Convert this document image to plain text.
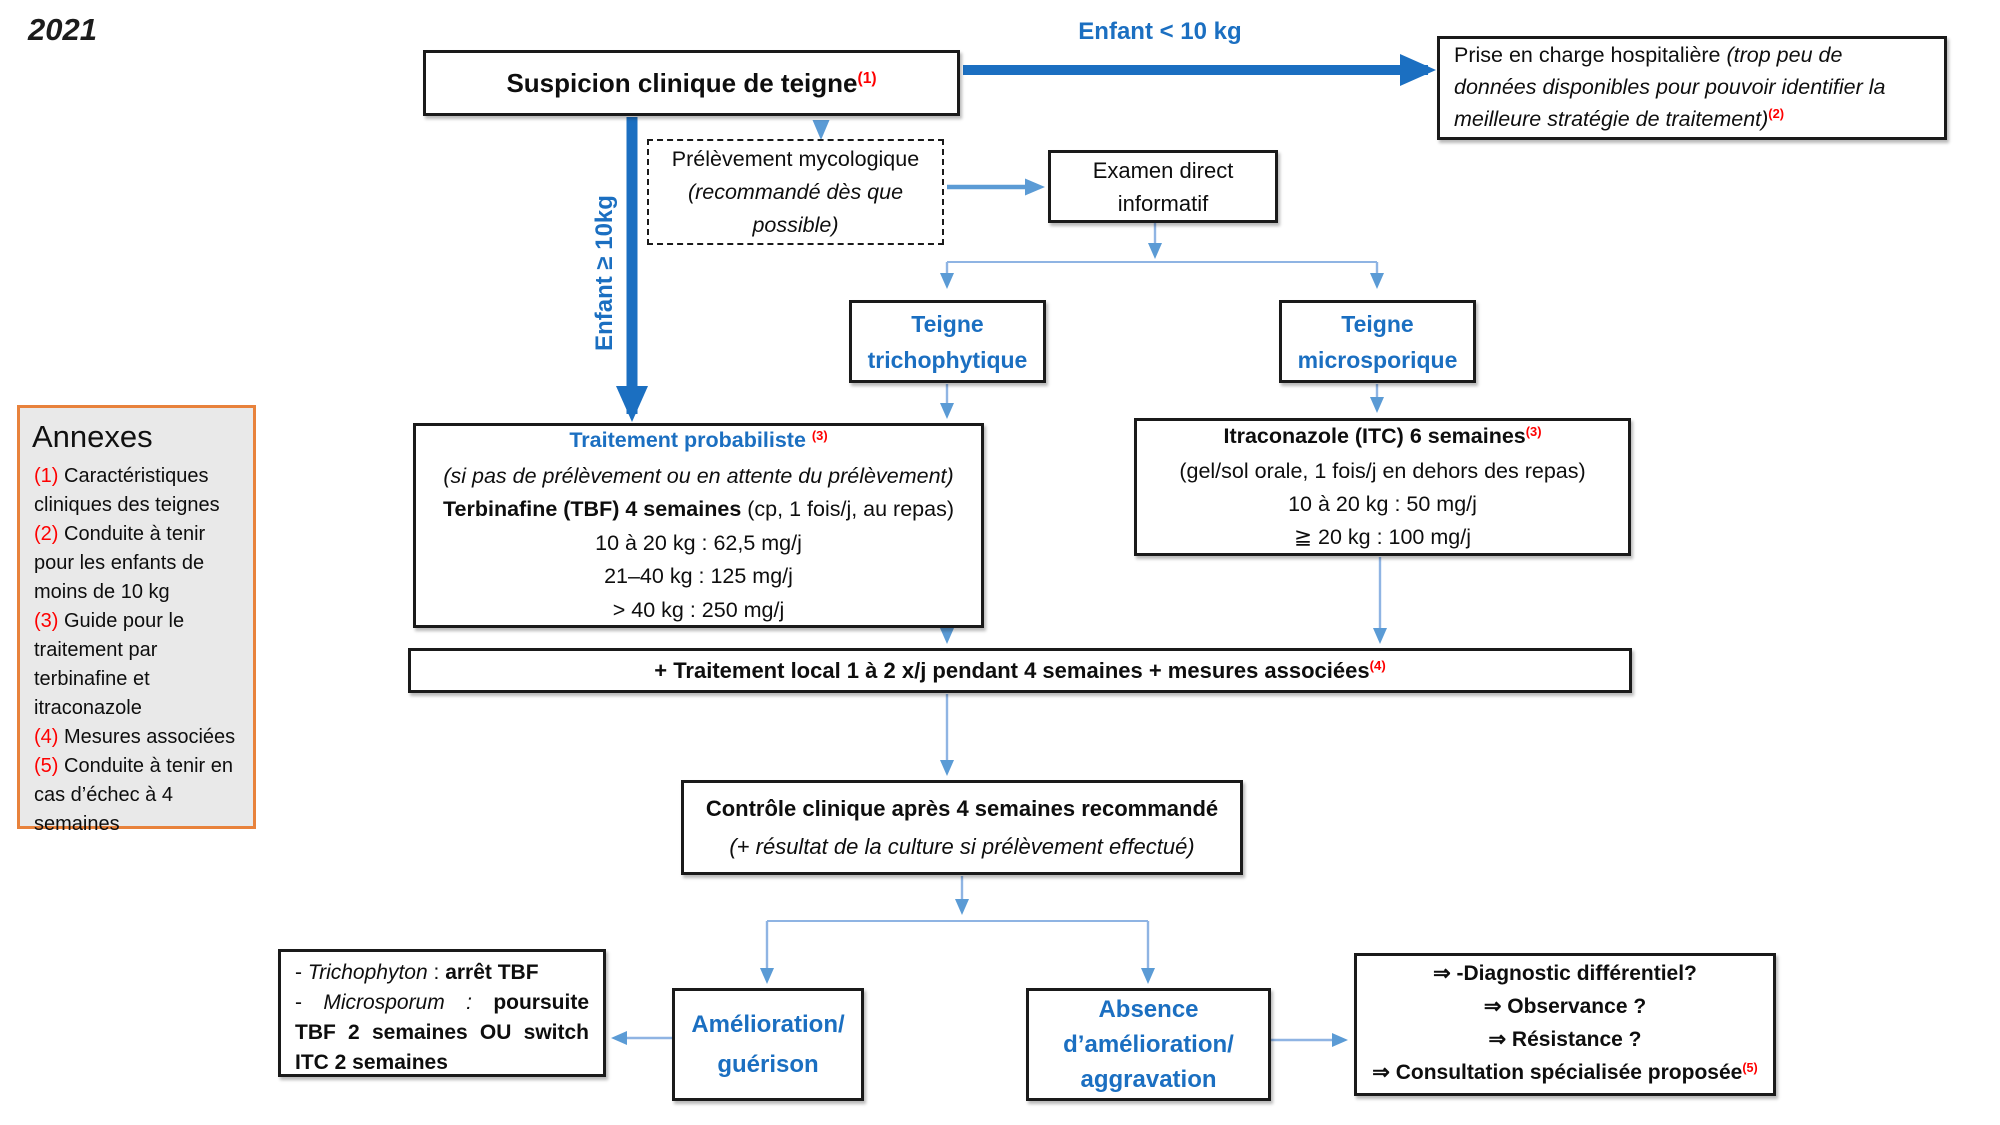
2021	Enfant < 10 kg
Enfant ≥ 10kg
Suspicion clinique de teigne$^{(1)}$
Prise en charge hospitalière (trop peu de
données disponibles pour pouvoir identifier la
meilleure stratégie de traitement)$^{(2)}$
Prélèvement mycologique
(recommandé dès que
possible)
Examen direct
informatif
Teigne
trichophytique
Teigne
microsporique
Traitement probabiliste $^{(3)}$
(si pas de prélèvement ou en attente du prélèvement)
Terbinafine (TBF) 4 semaines (cp, 1 fois/j, au repas)
10 à 20 kg : 62,5 mg/j
21–40 kg : 125 mg/j
> 40 kg : 250 mg/j
Itraconazole (ITC) 6 semaines$^{(3)}$
(gel/sol orale, 1 fois/j en dehors des repas)
10 à 20 kg : 50 mg/j
≧ 20 kg : 100 mg/j
+ Traitement local 1 à 2 x/j pendant 4 semaines + mesures associées$^{(4)}$
Contrôle clinique après 4 semaines recommandé
(+ résultat de la culture si prélèvement effectué)
Amélioration/
guérison
Absence
d’amélioration/
aggravation
- Trichophyton : arrêt TBF
- Microsporum : poursuite TBF 2 semaines OU switch ITC 2 semaines
⇒ -Diagnostic différentiel?
⇒ Observance ?
⇒ Résistance ?
⇒ Consultation spécialisée proposée$^{(5)}$
Annexes
(1) Caractéristiques cliniques des teignes
(2) Conduite à tenir pour les enfants de moins de 10 kg
(3) Guide pour le traitement par terbinafine et itraconazole
(4) Mesures associées
(5) Conduite à tenir en cas d’échec à 4 semaines
